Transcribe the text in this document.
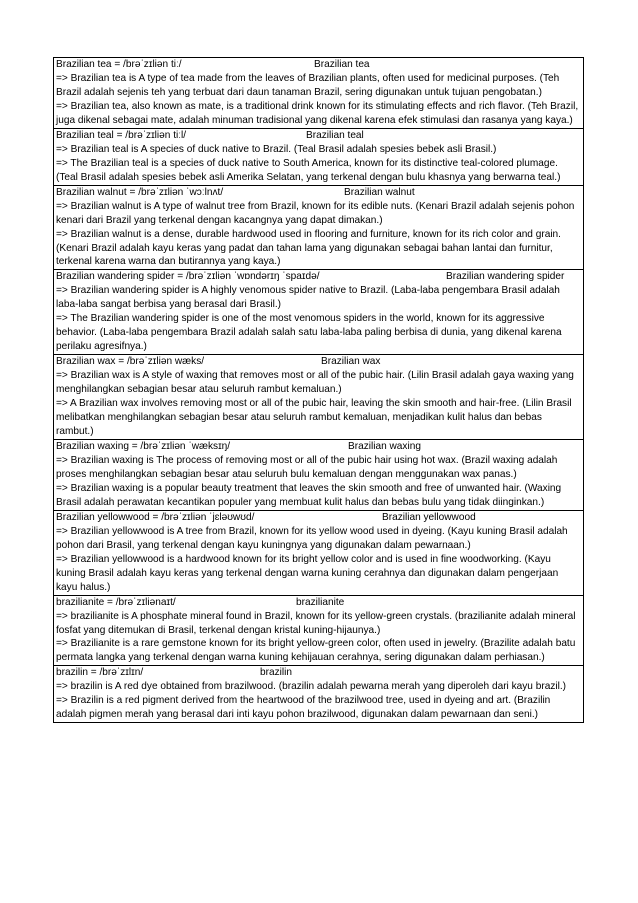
Brazilian tea = /brəˈzɪliən tiː/	Brazilian tea
=> Brazilian tea is A type of tea made from the leaves of Brazilian plants, often used for medicinal purposes. (Teh Brazil adalah sejenis teh yang terbuat dari daun tanaman Brazil, sering digunakan untuk tujuan pengobatan.)
=> Brazilian tea, also known as mate, is a traditional drink known for its stimulating effects and rich flavor. (Teh Brazil, juga dikenal sebagai mate, adalah minuman tradisional yang dikenal karena efek stimulasi dan rasanya yang kaya.)
Brazilian teal = /brəˈzɪliən tiːl/	Brazilian teal
=> Brazilian teal is A species of duck native to Brazil. (Teal Brasil adalah spesies bebek asli Brasil.)
=> The Brazilian teal is a species of duck native to South America, known for its distinctive teal-colored plumage. (Teal Brasil adalah spesies bebek asli Amerika Selatan, yang terkenal dengan bulu khasnya yang berwarna teal.)
Brazilian walnut = /brəˈzɪliən ˈwɔːlnʌt/	Brazilian walnut
=> Brazilian walnut is A type of walnut tree from Brazil, known for its edible nuts. (Kenari Brazil adalah sejenis pohon kenari dari Brazil yang terkenal dengan kacangnya yang dapat dimakan.)
=> Brazilian walnut is a dense, durable hardwood used in flooring and furniture, known for its rich color and grain. (Kenari Brazil adalah kayu keras yang padat dan tahan lama yang digunakan sebagai bahan lantai dan furnitur, terkenal karena warna dan butirannya yang kaya.)
Brazilian wandering spider = /brəˈzɪliən ˈwɒndərɪŋ ˈspaɪdə/	Brazilian wandering spider
=> Brazilian wandering spider is A highly venomous spider native to Brazil. (Laba-laba pengembara Brasil adalah laba-laba sangat berbisa yang berasal dari Brasil.)
=> The Brazilian wandering spider is one of the most venomous spiders in the world, known for its aggressive behavior. (Laba-laba pengembara Brazil adalah salah satu laba-laba paling berbisa di dunia, yang dikenal karena perilaku agresifnya.)
Brazilian wax = /brəˈzɪliən wæks/	Brazilian wax
=> Brazilian wax is A style of waxing that removes most or all of the pubic hair. (Lilin Brasil adalah gaya waxing yang menghilangkan sebagian besar atau seluruh rambut kemaluan.)
=> A Brazilian wax involves removing most or all of the pubic hair, leaving the skin smooth and hair-free. (Lilin Brasil melibatkan menghilangkan sebagian besar atau seluruh rambut kemaluan, menjadikan kulit halus dan bebas rambut.)
Brazilian waxing = /brəˈzɪliən ˈwæksɪŋ/	Brazilian waxing
=> Brazilian waxing is The process of removing most or all of the pubic hair using hot wax. (Brazil waxing adalah proses menghilangkan sebagian besar atau seluruh bulu kemaluan dengan menggunakan wax panas.)
=> Brazilian waxing is a popular beauty treatment that leaves the skin smooth and free of unwanted hair. (Waxing Brasil adalah perawatan kecantikan populer yang membuat kulit halus dan bebas bulu yang tidak diinginkan.)
Brazilian yellowwood = /brəˈzɪliən ˈjɛləʊwʊd/	Brazilian yellowwood
=> Brazilian yellowwood is A tree from Brazil, known for its yellow wood used in dyeing. (Kayu kuning Brasil adalah pohon dari Brasil, yang terkenal dengan kayu kuningnya yang digunakan dalam pewarnaan.)
=> Brazilian yellowwood is a hardwood known for its bright yellow color and is used in fine woodworking. (Kayu kuning Brasil adalah kayu keras yang terkenal dengan warna kuning cerahnya dan digunakan dalam pengerjaan kayu halus.)
brazilianite = /brəˈzɪliənaɪt/	brazilianite
=> brazilianite is A phosphate mineral found in Brazil, known for its yellow-green crystals. (brazilianite adalah mineral fosfat yang ditemukan di Brasil, terkenal dengan kristal kuning-hijaunya.)
=> Brazilianite is a rare gemstone known for its bright yellow-green color, often used in jewelry. (Brazilite adalah batu permata langka yang terkenal dengan warna kuning kehijauan cerahnya, sering digunakan dalam perhiasan.)
brazilin = /brəˈzɪlɪn/	brazilin
=> brazilin is A red dye obtained from brazilwood. (brazilin adalah pewarna merah yang diperoleh dari kayu brazil.)
=> Brazilin is a red pigment derived from the heartwood of the brazilwood tree, used in dyeing and art. (Brazilin adalah pigmen merah yang berasal dari inti kayu pohon brazilwood, digunakan dalam pewarnaan dan seni.)
